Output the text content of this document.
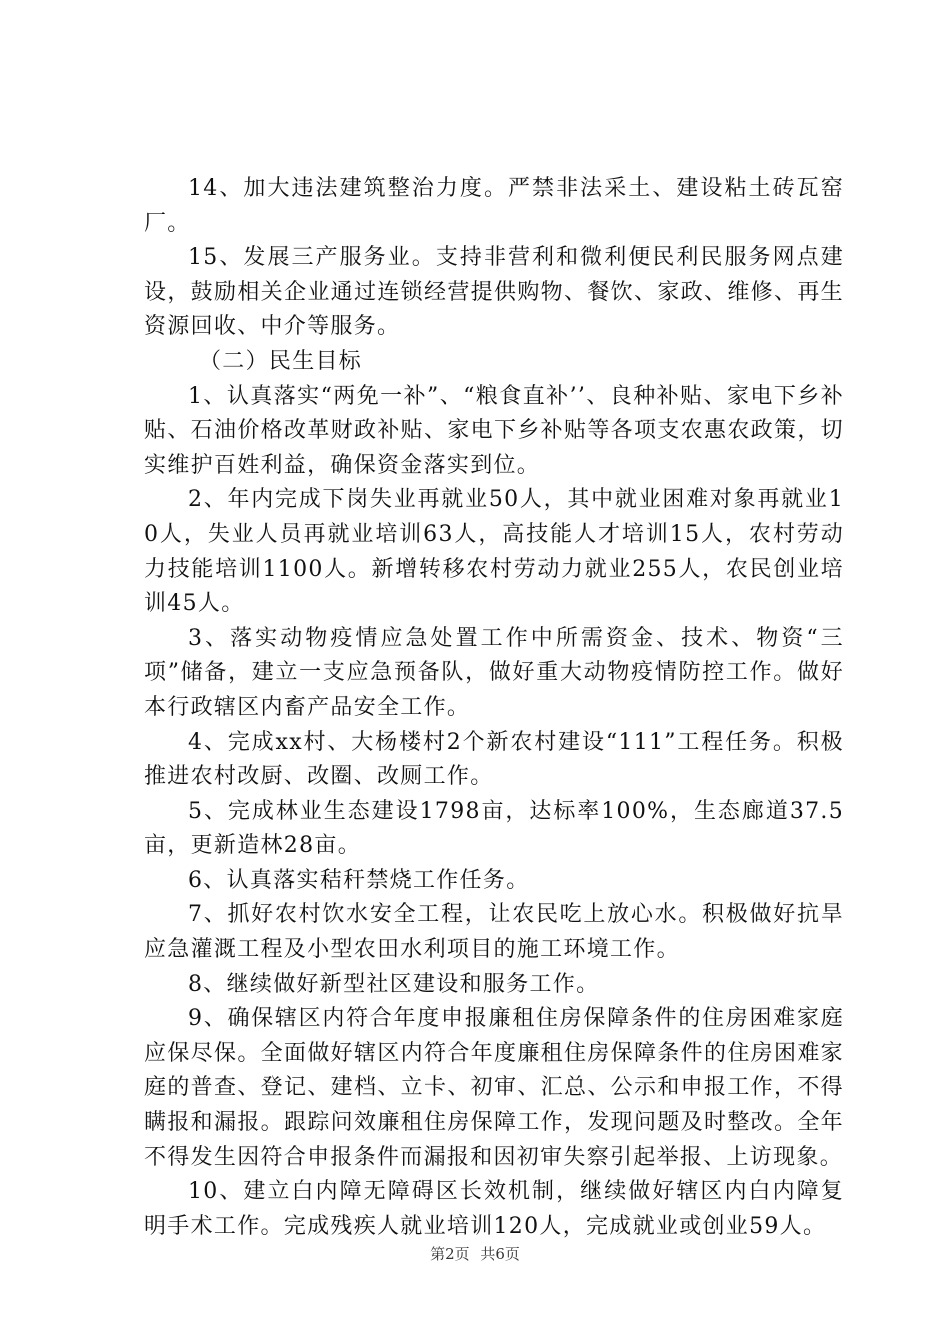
14、加大违法建筑整治力度。严禁非法采土、建设粘土砖瓦窑厂。

15、发展三产服务业。支持非营利和微利便民利民服务网点建设，鼓励相关企业通过连锁经营提供购物、餐饮、家政、维修、再生资源回收、中介等服务。

（二）民生目标

1、认真落实“两免一补”、“粮食直补’’、良种补贴、家电下乡补贴、石油价格改革财政补贴、家电下乡补贴等各项支农惠农政策，切实维护百姓利益，确保资金落实到位。

2、年内完成下岗失业再就业50人，其中就业困难对象再就业10人，失业人员再就业培训63人，高技能人才培训15人，农村劳动力技能培训1100人。新增转移农村劳动力就业255人，农民创业培训45人。

3、落实动物疫情应急处置工作中所需资金、技术、物资“三项”储备，建立一支应急预备队，做好重大动物疫情防控工作。做好本行政辖区内畜产品安全工作。

4、完成xx村、大杨楼村2个新农村建设“111”工程任务。积极推进农村改厨、改圈、改厕工作。

5、完成林业生态建设1798亩，达标率100%，生态廊道37.5亩，更新造林28亩。

6、认真落实秸秆禁烧工作任务。

7、抓好农村饮水安全工程，让农民吃上放心水。积极做好抗旱应急灌溉工程及小型农田水利项目的施工环境工作。

8、继续做好新型社区建设和服务工作。

9、确保辖区内符合年度申报廉租住房保障条件的住房困难家庭应保尽保。全面做好辖区内符合年度廉租住房保障条件的住房困难家庭的普查、登记、建档、立卡、初审、汇总、公示和申报工作，不得瞒报和漏报。跟踪问效廉租住房保障工作，发现问题及时整改。全年不得发生因符合申报条件而漏报和因初审失察引起举报、上访现象。

10、建立白内障无障碍区长效机制，继续做好辖区内白内障复明手术工作。完成残疾人就业培训120人，完成就业或创业59人。

第2页 共6页
